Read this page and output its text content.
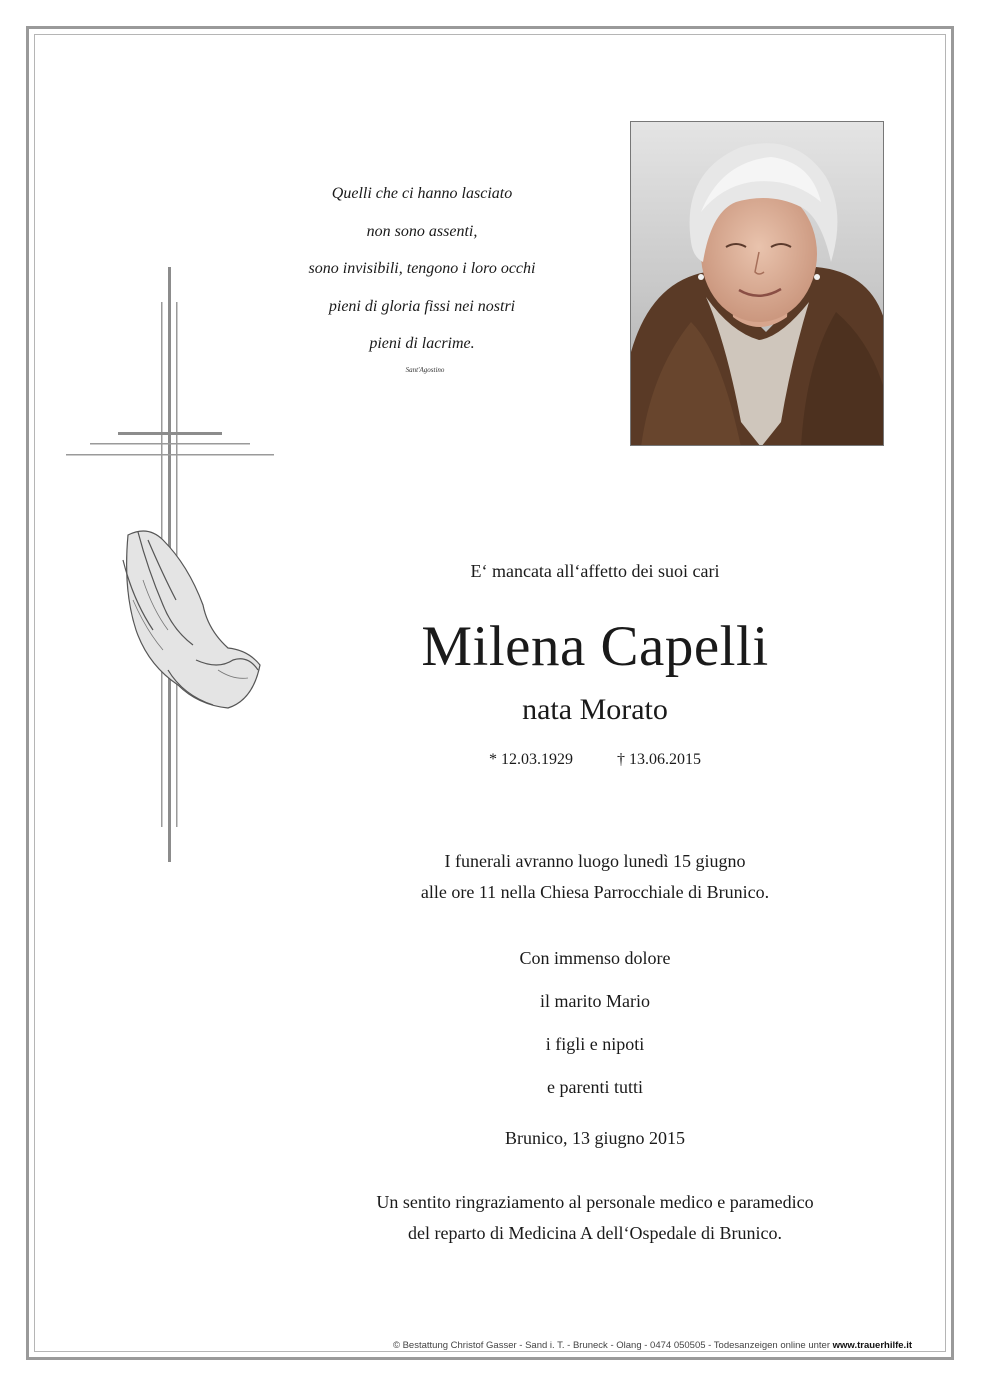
Quelli che ci hanno lasciato
non sono assenti,
sono invisibili, tengono i loro occhi
pieni di gloria fissi nei nostri
pieni di lacrime.
Sant'Agostino
E‘ mancata all‘affetto dei suoi cari
Milena Capelli
nata Morato
* 12.03.1929	† 13.06.2015
I funerali avranno luogo lunedì 15 giugno
alle ore 11 nella Chiesa Parrocchiale di Brunico.
Con immenso dolore
il marito Mario
i figli e nipoti
e parenti tutti
Brunico, 13 giugno 2015
Un sentito ringraziamento al personale medico e paramedico
del reparto di Medicina A dell‘Ospedale di Brunico.
© Bestattung Christof Gasser - Sand i. T. - Bruneck - Olang - 0474 050505 - Todesanzeigen online unter www.trauerhilfe.it
